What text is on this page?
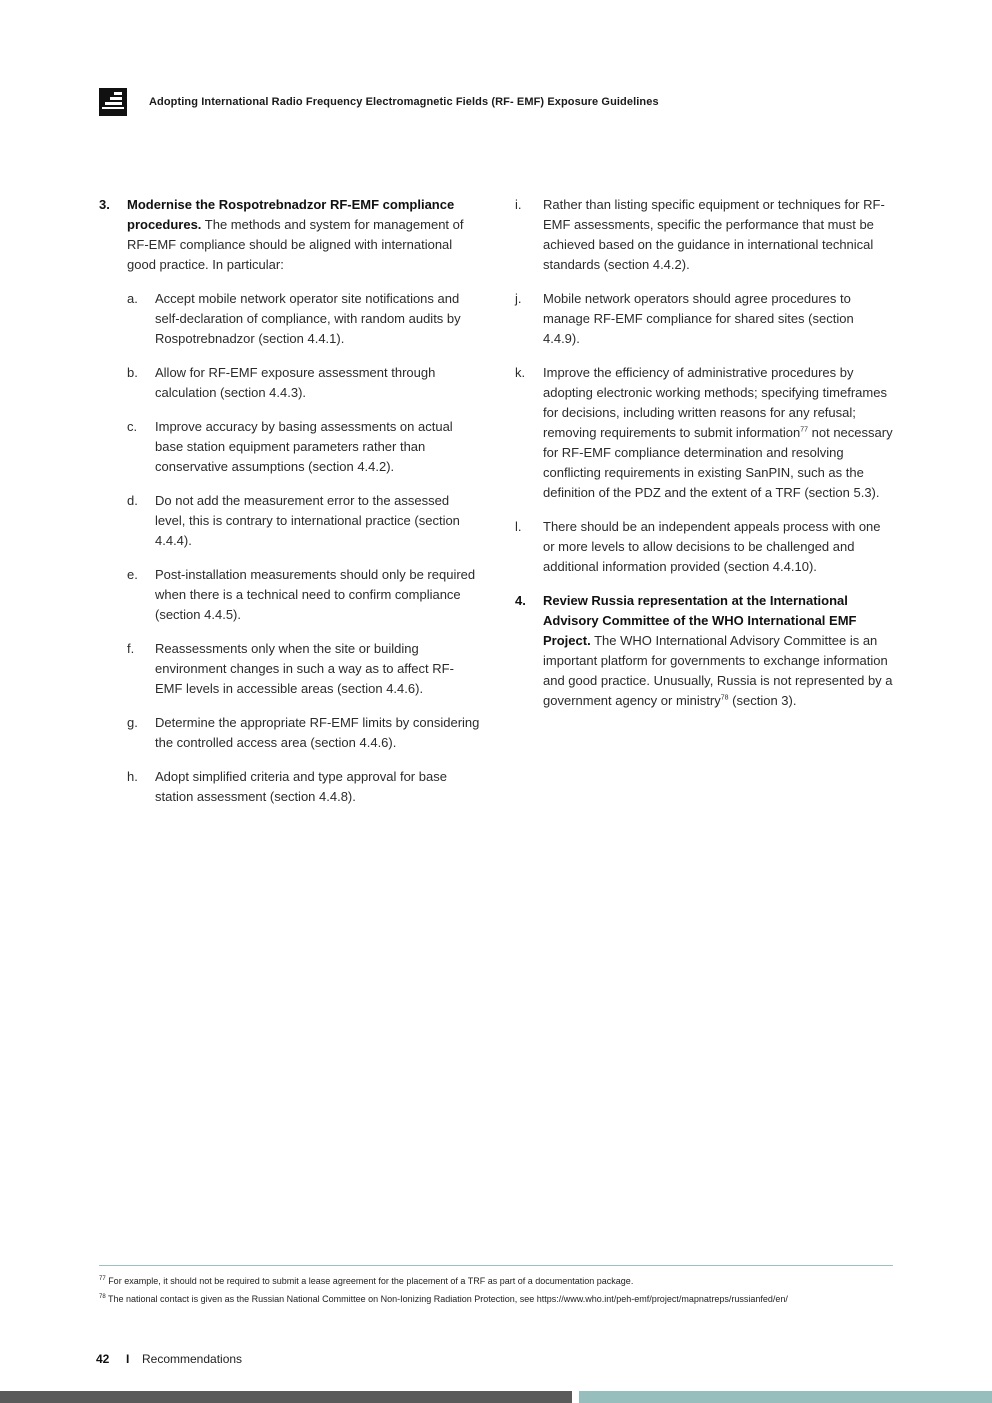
Adopting International Radio Frequency Electromagnetic Fields (RF- EMF) Exposure Guidelines
3. Modernise the Rospotrebnadzor RF-EMF compliance procedures. The methods and system for management of RF-EMF compliance should be aligned with international good practice. In particular:
a. Accept mobile network operator site notifications and self-declaration of compliance, with random audits by Rospotrebnadzor (section 4.4.1).
b. Allow for RF-EMF exposure assessment through calculation (section 4.4.3).
c. Improve accuracy by basing assessments on actual base station equipment parameters rather than conservative assumptions (section 4.4.2).
d. Do not add the measurement error to the assessed level, this is contrary to international practice (section 4.4.4).
e. Post-installation measurements should only be required when there is a technical need to confirm compliance (section 4.4.5).
f. Reassessments only when the site or building environment changes in such a way as to affect RF-EMF levels in accessible areas (section 4.4.6).
g. Determine the appropriate RF-EMF limits by considering the controlled access area (section 4.4.6).
h. Adopt simplified criteria and type approval for base station assessment (section 4.4.8).
i. Rather than listing specific equipment or techniques for RF-EMF assessments, specific the performance that must be achieved based on the guidance in international technical standards (section 4.4.2).
j. Mobile network operators should agree procedures to manage RF-EMF compliance for shared sites (section 4.4.9).
k. Improve the efficiency of administrative procedures by adopting electronic working methods; specifying timeframes for decisions, including written reasons for any refusal; removing requirements to submit information$^{77}$ not necessary for RF-EMF compliance determination and resolving conflicting requirements in existing SanPIN, such as the definition of the PDZ and the extent of a TRF (section 5.3).
l. There should be an independent appeals process with one or more levels to allow decisions to be challenged and additional information provided (section 4.4.10).
4. Review Russia representation at the International Advisory Committee of the WHO International EMF Project. The WHO International Advisory Committee is an important platform for governments to exchange information and good practice. Unusually, Russia is not represented by a government agency or ministry$^{78}$ (section 3).
$^{77}$ For example, it should not be required to submit a lease agreement for the placement of a TRF as part of a documentation package.
$^{78}$ The national contact is given as the Russian National Committee on Non-Ionizing Radiation Protection, see https://www.who.int/peh-emf/project/mapnatreps/russianfed/en/
42 I Recommendations
